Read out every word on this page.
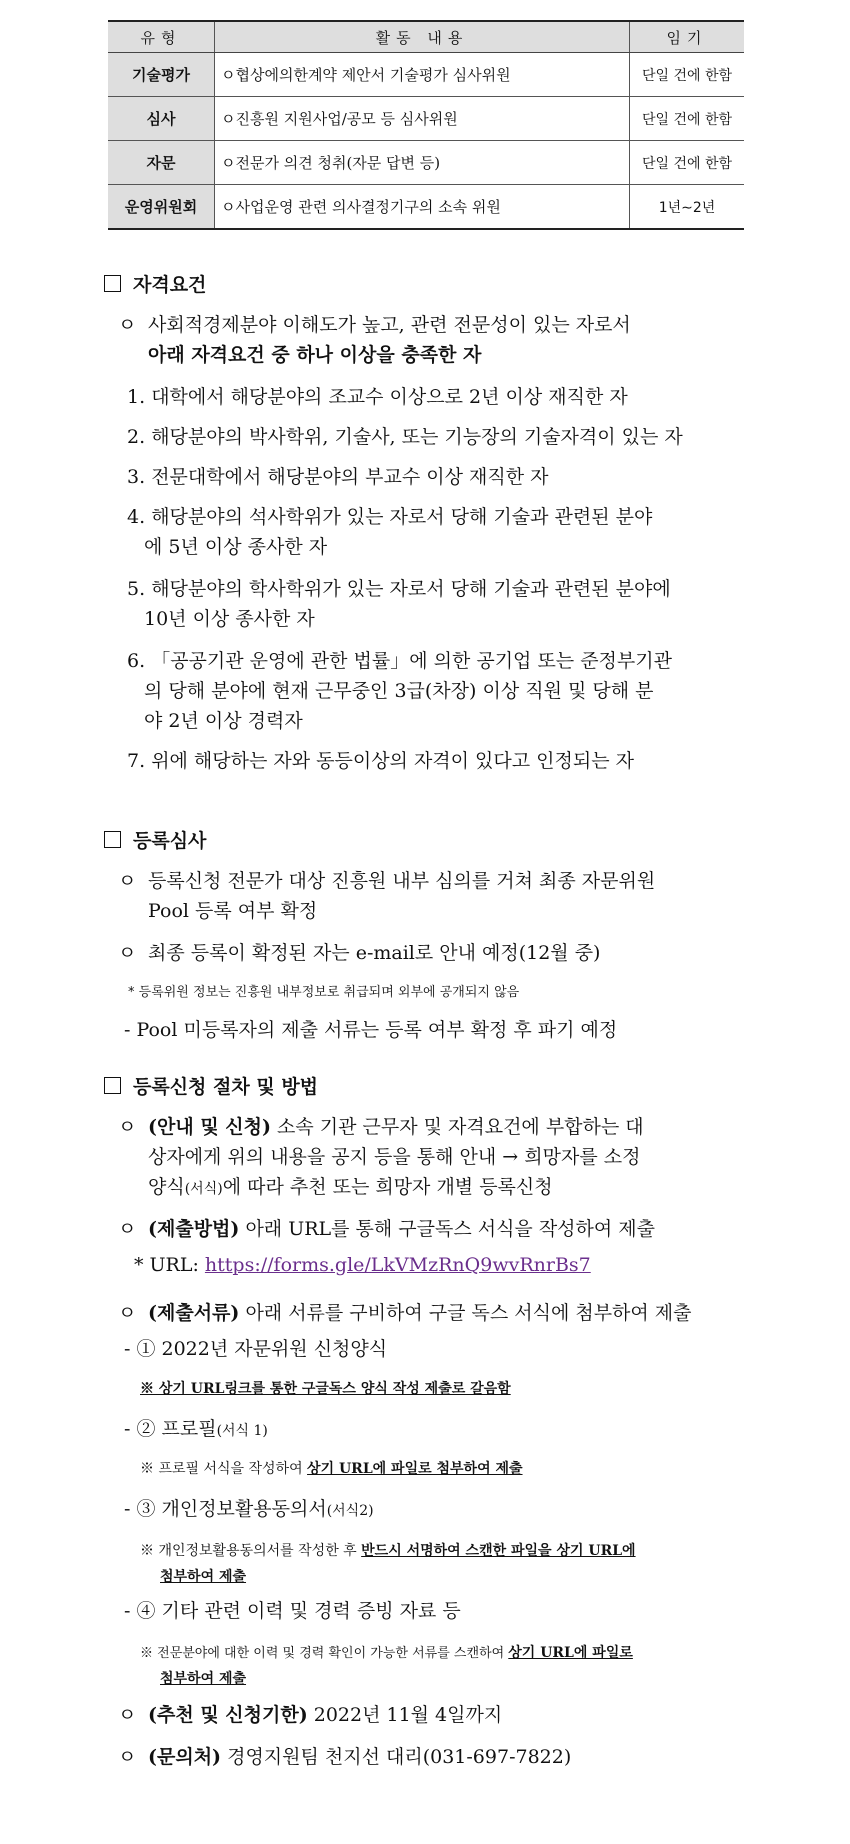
유형	활동 내용	임기
기술평가	ㅇ협상에의한계약 제안서 기술평가 심사위원	단일 건에 한함
심사	ㅇ진흥원 지원사업/공모 등 심사위원	단일 건에 한함
자문	ㅇ전문가 의견 청취(자문 답변 등)	단일 건에 한함
운영위원회	ㅇ사업운영 관련 의사결정기구의 소속 위원	1년∼2년
자격요건
ㅇ 사회적경제분야 이해도가 높고, 관련 전문성이 있는 자로서
아래 자격요건 중 하나 이상을 충족한 자
1. 대학에서 해당분야의 조교수 이상으로 2년 이상 재직한 자
2. 해당분야의 박사학위, 기술사, 또는 기능장의 기술자격이 있는 자
3. 전문대학에서 해당분야의 부교수 이상 재직한 자
4. 해당분야의 석사학위가 있는 자로서 당해 기술과 관련된 분야
에 5년 이상 종사한 자
5. 해당분야의 학사학위가 있는 자로서 당해 기술과 관련된 분야에
10년 이상 종사한 자
6. 「공공기관 운영에 관한 법률」에 의한 공기업 또는 준정부기관
의 당해 분야에 현재 근무중인 3급(차장) 이상 직원 및 당해 분
야 2년 이상 경력자
7. 위에 해당하는 자와 동등이상의 자격이 있다고 인정되는 자
등록심사
ㅇ 등록신청 전문가 대상 진흥원 내부 심의를 거쳐 최종 자문위원
Pool 등록 여부 확정
ㅇ 최종 등록이 확정된 자는 e-mail로 안내 예정(12월 중)
* 등록위원 정보는 진흥원 내부정보로 취급되며 외부에 공개되지 않음
- Pool 미등록자의 제출 서류는 등록 여부 확정 후 파기 예정
등록신청 절차 및 방법
ㅇ (안내 및 신청) 소속 기관 근무자 및 자격요건에 부합하는 대
상자에게 위의 내용을 공지 등을 통해 안내 → 희망자를 소정
양식(서식)에 따라 추천 또는 희망자 개별 등록신청
ㅇ (제출방법) 아래 URL를 통해 구글독스 서식을 작성하여 제출
* URL: https://forms.gle/LkVMzRnQ9wvRnrBs7
ㅇ (제출서류) 아래 서류를 구비하여 구글 독스 서식에 첨부하여 제출
- ① 2022년 자문위원 신청양식
※ 상기 URL링크를 통한 구글독스 양식 작성 제출로 갈음함
- ② 프로필(서식 1)
※ 프로필 서식을 작성하여 상기 URL에 파일로 첨부하여 제출
- ③ 개인정보활용동의서(서식2)
※ 개인정보활용동의서를 작성한 후 반드시 서명하여 스캔한 파일을 상기 URL에
첨부하여 제출
- ④ 기타 관련 이력 및 경력 증빙 자료 등
※ 전문분야에 대한 이력 및 경력 확인이 가능한 서류를 스캔하여 상기 URL에 파일로
첨부하여 제출
ㅇ (추천 및 신청기한) 2022년 11월 4일까지
ㅇ (문의처) 경영지원팀 천지선 대리(031-697-7822)
